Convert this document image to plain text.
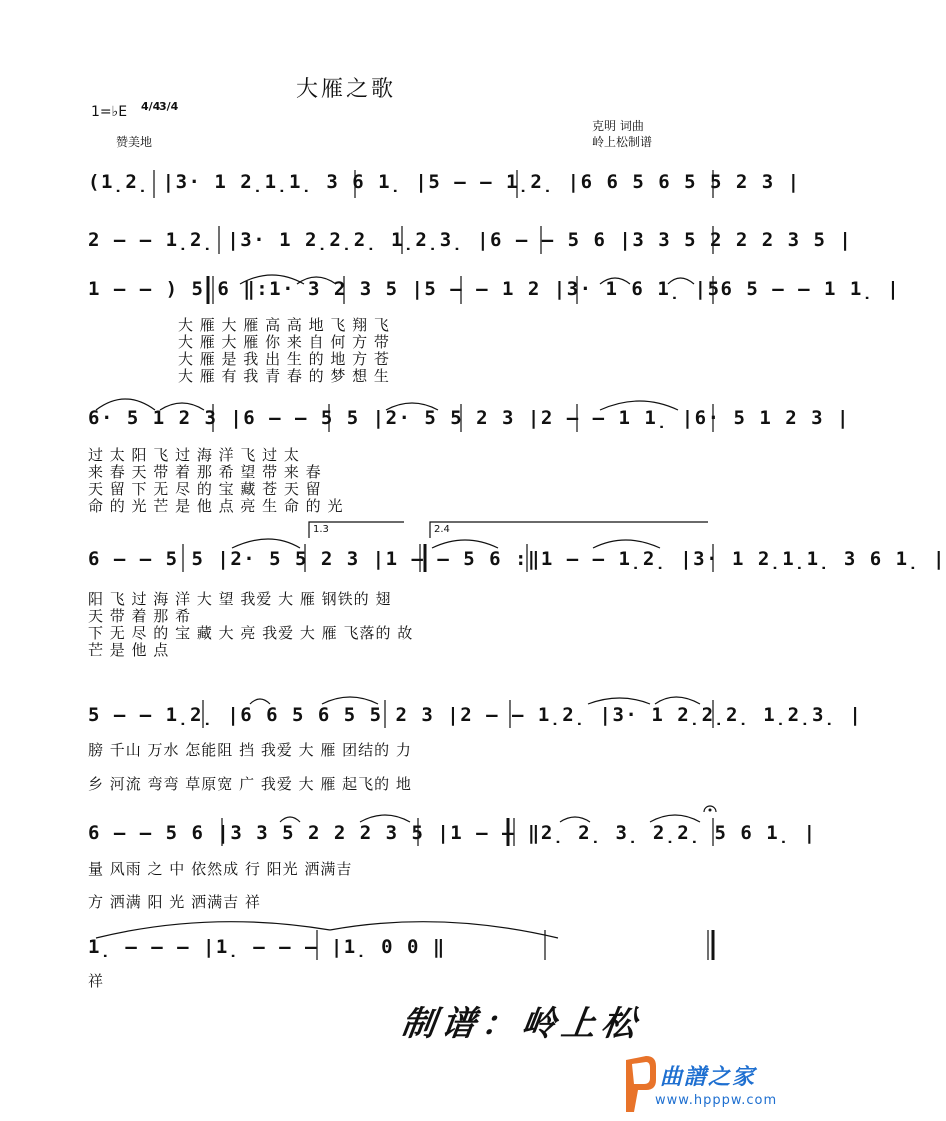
大雁之歌
1=♭E 4/43/4
赞美地
克明 词曲
岭上松制谱
(1̣2̣ |3· 1 2̣1̣1̣ 3 6 1̣ |5 – – 1̣2̣ |6 6 5 6 5 5 2 3 |
2 – – 1̣2̣ |3· 1 2̣2̣2̣ 1̣2̣3̣ |6 – – 5 6 |3 3 5 2 2 2 3 5 |
1 – – ) 5 6 ‖:1· 3 2 3 5 |5 – – 1 2 |3· 1 6 1̣ |56 5 – – 1 1̣ |
6· 5 1 2 3 |6 – – 5 5 |2· 5 5 2 3 |2 – – 1 1̣ |6· 5 1 2 3 |
6 – – 5 5 |2· 5 5 2 3 |1 – – 5 6 :‖1 – – 1̣2̣ |3· 1 2̣1̣1̣ 3 6 1̣ |
5 – – 1̣2̣ |6 6 5 6 5 5 2 3 |2 – – 1̣2̣ |3· 1 2̣2̣2̣ 1̣2̣3̣ |
6 – – 5 6 |3 3 5 2 2 2 3 5 |1 – – ‖2̣ 2̣ 3̣ 2̣2̣ 5 6 1̣ |
1̣ – – – |1̣ – – – |1̣ 0 0 ‖
1.3	2.4
大 雁 大 雁 高 高 地 飞 翔 飞
大 雁 大 雁 你 来 自 何 方 带
大 雁 是 我 出 生 的 地 方 苍
大 雁 有 我 青 春 的 梦 想 生
过 太 阳 飞 过 海 洋 飞 过 太
来 春 天 带 着 那 希 望 带 来 春
天 留 下 无 尽 的 宝 藏 苍 天 留
命 的 光 芒 是 他 点 亮 生 命 的 光
阳 飞 过 海 洋 大 望 我爱 大 雁 钢铁的 翅
天 带 着 那 希
下 无 尽 的 宝 藏 大 亮 我爱 大 雁 飞落的 故
芒 是 他 点
膀 千山 万水 怎能阻 挡 我爱 大 雁 团结的 力
乡 河流 弯弯 草原宽 广 我爱 大 雁 起飞的 地
量 风雨 之 中 依然成 行 阳光 洒满吉
方 洒满 阳 光 洒满吉 祥
祥
制谱：岭上松
曲譜之家
www.hpppw.com
